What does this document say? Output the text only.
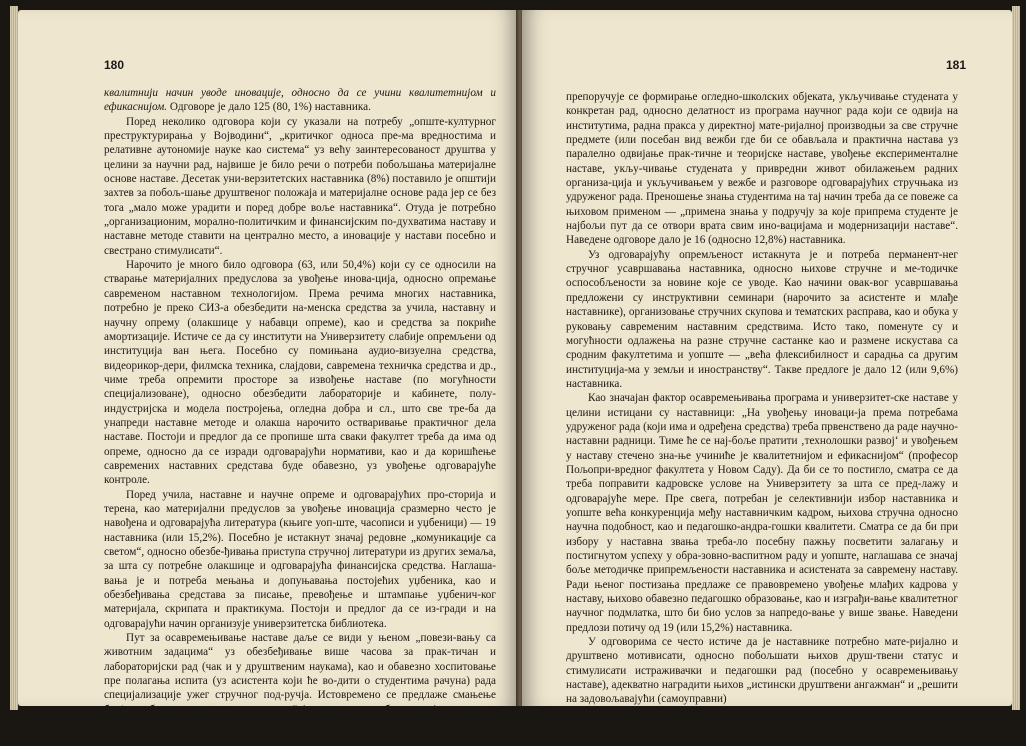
180

квалитнији начин уводе иновације, односно да се учини квалитетнијом и ефикаснијом. Одговоре је дало 125 (80, 1%) наставника.

Поред неколико одговора који су указали на потребу „опште-културног преструктурирања у Војводини“, „критичког односа пре-ма вредностима и релативне аутономије науке као система“ уз већу заинтересованост друштва у целини за научни рад, највише је било речи о потреби побољшања материјалне основе наставе. Десетак уни-верзитетских наставника (8%) поставило је општији захтев за побољ-шање друштвеног положаја и материјалне основе рада јер се без тога „мало може урадити и поред добре воље наставника“. Отуда је потребно „организационим, морално-политичким и финансијским по-духватима наставу и наставне методе ставити на централно место, а иновације у настави посебно и свестрано стимулисати“.

Нарочито је много било одговора (63, или 50,4%) који су се односили на стварање материјалних предуслова за увођење инова-ција, односно опремање савременом наставном технологијом. Према речима многих наставника, потребно је преко СИЗ-а обезбедити на-менска средства за учила, наставну и научну опрему (олакшице у набавци опреме), као и средства за покриће амортизације. Истиче се да су институти на Универзитету слабије опремљени од институција ван њега. Посебно су помињана аудио-визуелна средства, видеорикор-дери, филмска техника, слајдови, савремена техничка средства и др., чиме треба опремити просторе за извођење наставе (по могућности специјализоване), односно обезбедити лабораторије и кабинете, полу-индустријска и модела постројења, огледна добра и сл., што све тре-ба да унапреди наставне методе и олакша нарочито остваривање практичног дела наставе. Постоји и предлог да се пропише шта сваки факултет треба да има од опреме, односно да се изради одговарајући нормативи, као и да коришћење савремених наставних средстава буде обавезно, уз увођење одговарајуће контроле.

Поред учила, наставне и научне опреме и одговарајућих про-сторија и терена, као материјални предуслов за увођење иновација сразмерно често је навођена и одговарајућа литература (књиге уоп-ште, часописи и уџбеници) — 19 наставника (или 15,2%). Посебно је истакнут значај редовне „комуникације са светом“, односно обезбе-ђивања приступа стручној литератури из других земаља, за шта су потребне олакшице и одговарајућа финансијска средства. Наглаша-вања је и потреба мењања и допуњавања постојећих уџбеника, као и обезбеђивања средстава за писање, превођење и штампање уџбенич-ког материјала, скрипата и практикума. Постоји и предлог да се из-гради и на одговарајући начин организује универзитетска библиотека.

Пут за осавремењивање наставе даље се види у њеном „повези-вању са животним задацима“ уз обезбеђивање више часова за прак-тичан и лабораторијски рад (чак и у друштвеним наукама), као и обавезно хоспитовање пре полагања испита (уз асистента који ће во-дити о студентима рачуна) рада специјализације ужег стручног под-ручја. Истовремено се предлаже смањење броја и обима мање важ-них „општих“ (односно општеобразовних) предмета у којима се „ма-ком понавља градиво из усмерене средње школе“. За поменуту сврху

181

препоручује се формирање огледно-школских објеката, укључивање студената у конкретан рад, односно делатност из програма научног рада који се одвија на институтима, радна пракса у директној мате-ријалној производњи за све стручне предмете (или посебан вид вежби где би се обављала и практична настава уз паралелно одвијање прак-тичне и теоријске наставе, увођење експерименталне наставе, укљу-чивање студената у привредни живот обилажењем радних организа-ција и укључивањем у вежбе и разговоре одговарајућих стручњака из удруженог рада. Преношење знања студентима на тај начин треба да се повеже са њиховом применом — „примена знања у подручју за које припрема студенте је најбољи пут да се отвори врата свим ино-вацијама и модернизацији наставе“. Наведене одговоре дало је 16 (односно 12,8%) наставника.

Уз одговарајућу опремљеност истакнута је и потреба перманент-нег стручног усавршавања наставника, односно њихове стручне и ме-тодичке оспособљености за новине које се уводе. Као начини овак-вог усавршавања предложени су инструктивни семинари (нарочито за асистенте и млађе наставнике), организовање стручних скупова и тематских расправа, као и обука у руковању савременим наставним средствима. Исто тако, поменуте су и могућности одлажења на разне стручне састанке као и размене искустава са сродним факултетима и уопште — „већа флексибилност и сарадња са другим институција-ма у земљи и иностранству“. Такве предлоге је дало 12 (или 9,6%) наставника.

Као значајан фактор осавремењивања програма и универзитет-ске наставе у целини истицани су наставници: „На увођењу иновaци-ја према потребама удруженог рада (који има и одређена средства) треба првенствено да раде научно-наставни радници. Тиме ће се нај-боље пратити ‚технолошки развој‘ и увођењем у наставу стечено зна-ње учиниће је квалитетнијом и ефикаснијом“ (професор Пољопри-вредног факултета у Новом Саду). Да би се то постигло, сматра се да треба поправити кадровске услове на Универзитету за шта се пред-лажу и одговарајуће мере. Пре свега, потребан је селективнији избор наставника и уопште већа конкуренција међу наставничким кадром, њихова стручна односно научна подобност, као и педагошко-андра-гошки квалитети. Сматра се да би при избору у наставна звања треба-ло посебну пажњу посветити залагању и постигнутом успеху у обра-зовно-васпитном раду и уопште, наглашава се значај боље методичке припремљености наставника и асистената за савремену наставу. Ради њеног постизања предлаже се правовремено увођење млађих кадрова у наставу, њихово обавезно педагошко образовање, као и изграђи-вање квалитетног научног подмлатка, што би био услов за напредо-вање у више звање. Наведени предлози потичу од 19 (или 15,2%) наставника.

У одговорима се често истиче да је наставнике потребно мате-ријално и друштвено мотивисати, односно побољшати њихов друш-твени статус и стимулисати истраживачки и педагошки рад (посебно у осавремењивању наставе), адекватно наградити њихов „истински друштвени ангажман“ и „решити на задовољавајући (самоуправни)
